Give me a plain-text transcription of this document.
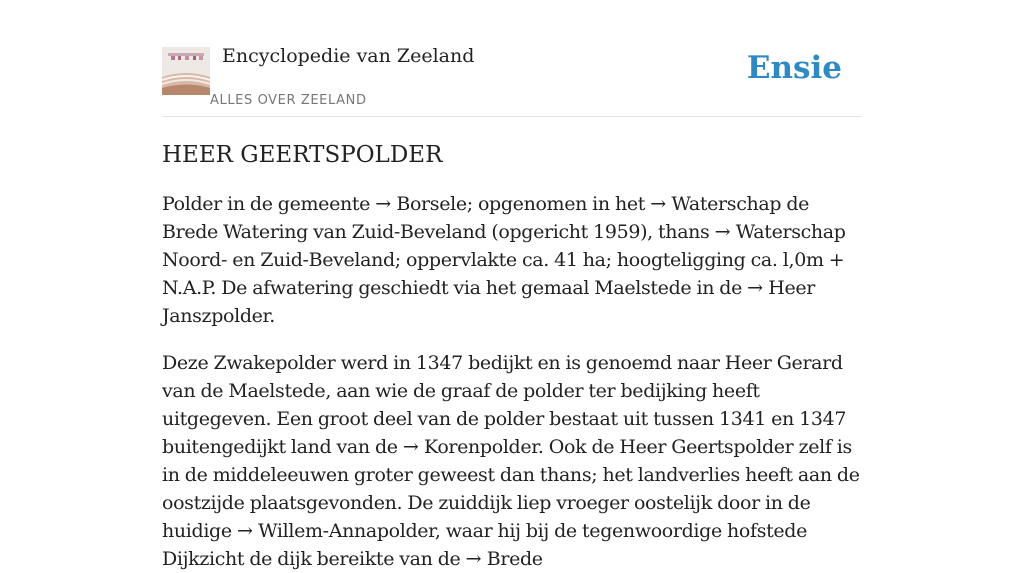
Encyclopedie van Zeeland
ALLES OVER ZEELAND
Ensie
HEER GEERTSPOLDER

Polder in de gemeente → Borsele; opgenomen in het → Waterschap de Brede Watering van Zuid-Beveland (opgericht 1959), thans → Waterschap Noord- en Zuid-Beveland; oppervlakte ca. 41 ha; hoogteligging ca. l,0m + N.A.P. De afwatering geschiedt via het gemaal Maelstede in de → Heer Janszpolder.

Deze Zwakepolder werd in 1347 bedijkt en is genoemd naar Heer Gerard van de Maelstede, aan wie de graaf de polder ter bedijking heeft uitgegeven. Een groot deel van de polder bestaat uit tussen 1341 en 1347 buitengedijkt land van de → Korenpolder. Ook de Heer Geertspolder zelf is in de middeleeuwen groter geweest dan thans; het landverlies heeft aan de oostzijde plaatsgevonden. De zuiddijk liep vroeger oostelijk door in de huidige → Willem-Annapolder, waar hij bij de tegenwoordige hofstede Dijkzicht de dijk bereikte van de → Brede
